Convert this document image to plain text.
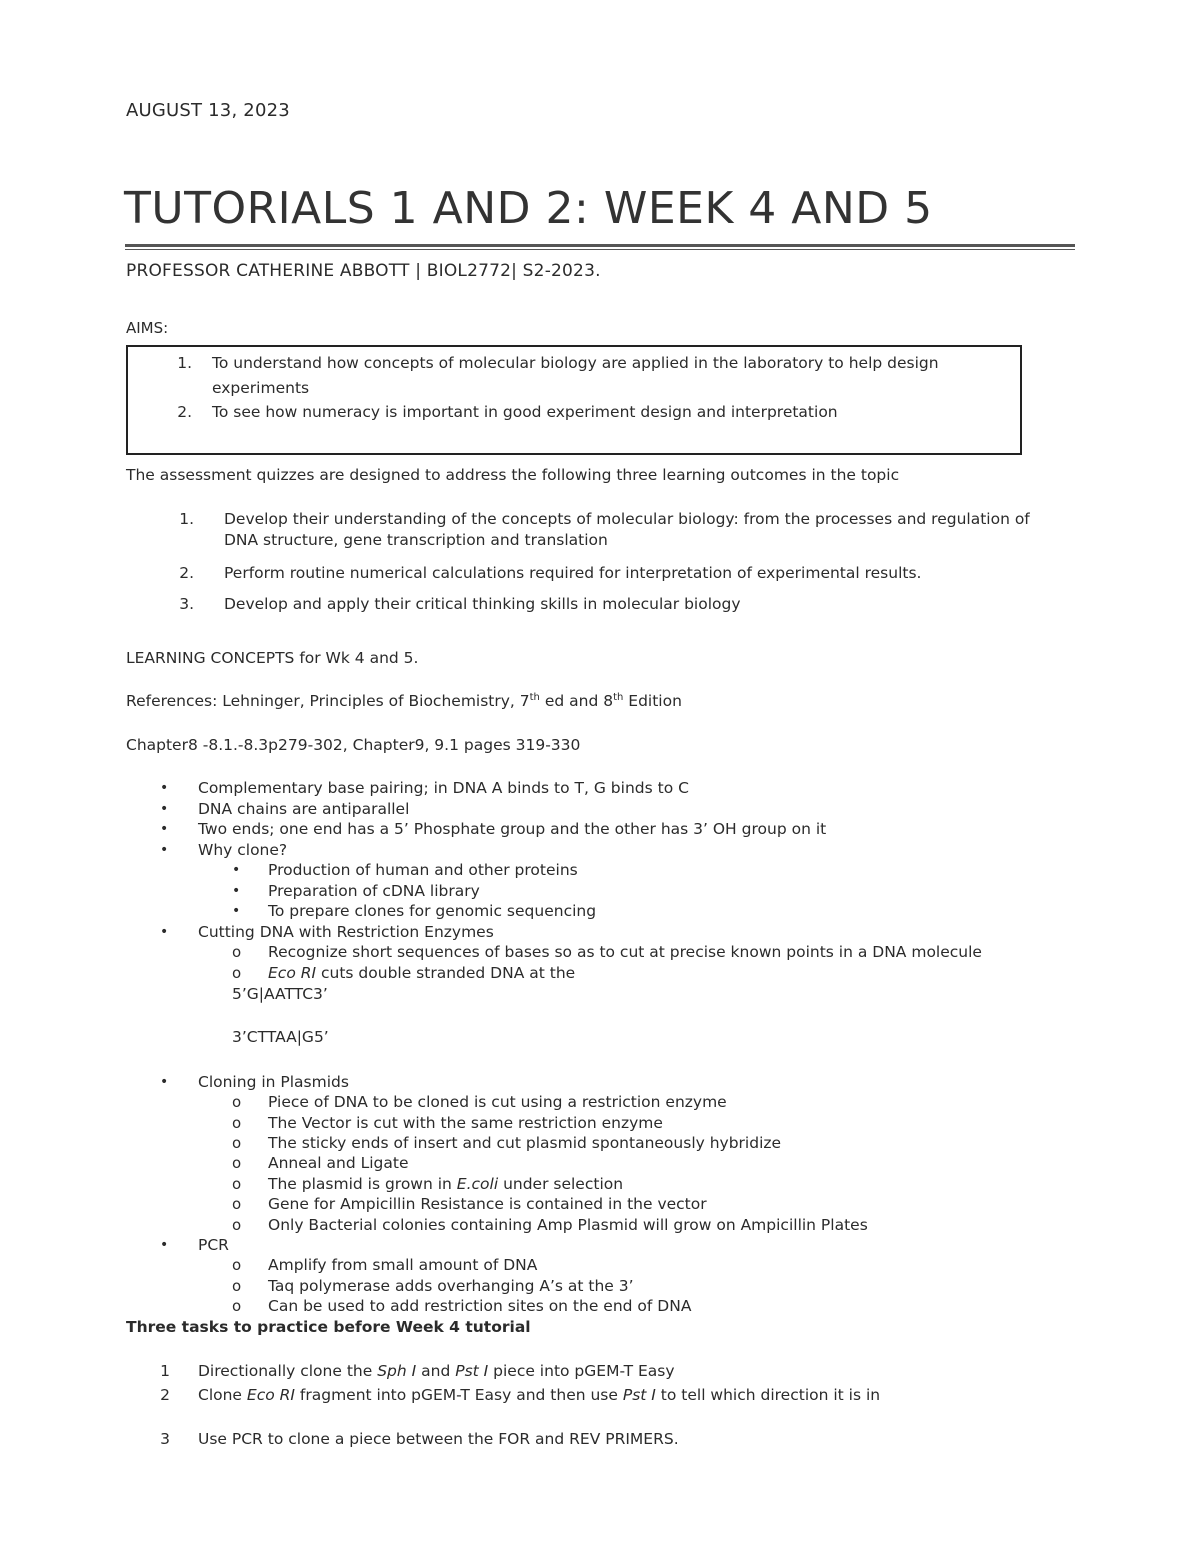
AUGUST 13, 2023
TUTORIALS 1 AND 2: WEEK 4 AND 5
PROFESSOR CATHERINE ABBOTT | BIOL2772| S2-2023.
AIMS:
1. To understand how concepts of molecular biology are applied in the laboratory to help design
experiments
2. To see how numeracy is important in good experiment design and interpretation
The assessment quizzes are designed to address the following three learning outcomes in the topic
1. Develop their understanding of the concepts of molecular biology: from the processes and regulation of
DNA structure, gene transcription and translation
2. Perform routine numerical calculations required for interpretation of experimental results.
3. Develop and apply their critical thinking skills in molecular biology
LEARNING CONCEPTS for Wk 4 and 5.
References: Lehninger, Principles of Biochemistry, 7th ed and 8th Edition
Chapter8 -8.1.-8.3p279-302, Chapter9, 9.1 pages 319-330
• Complementary base pairing; in DNA A binds to T, G binds to C
• DNA chains are antiparallel
• Two ends; one end has a 5’ Phosphate group and the other has 3’ OH group on it
• Why clone?
• Production of human and other proteins
• Preparation of cDNA library
• To prepare clones for genomic sequencing
• Cutting DNA with Restriction Enzymes
o Recognize short sequences of bases so as to cut at precise known points in a DNA molecule
o Eco RI cuts double stranded DNA at the
5’G|AATTC3’
3’CTTAA|G5’
• Cloning in Plasmids
o Piece of DNA to be cloned is cut using a restriction enzyme
o The Vector is cut with the same restriction enzyme
o The sticky ends of insert and cut plasmid spontaneously hybridize
o Anneal and Ligate
o The plasmid is grown in E.coli under selection
o Gene for Ampicillin Resistance is contained in the vector
o Only Bacterial colonies containing Amp Plasmid will grow on Ampicillin Plates
• PCR
o Amplify from small amount of DNA
o Taq polymerase adds overhanging A’s at the 3’
o Can be used to add restriction sites on the end of DNA
Three tasks to practice before Week 4 tutorial
1 Directionally clone the Sph I and Pst I piece into pGEM-T Easy
2 Clone Eco RI fragment into pGEM-T Easy and then use Pst I to tell which direction it is in
3 Use PCR to clone a piece between the FOR and REV PRIMERS.
